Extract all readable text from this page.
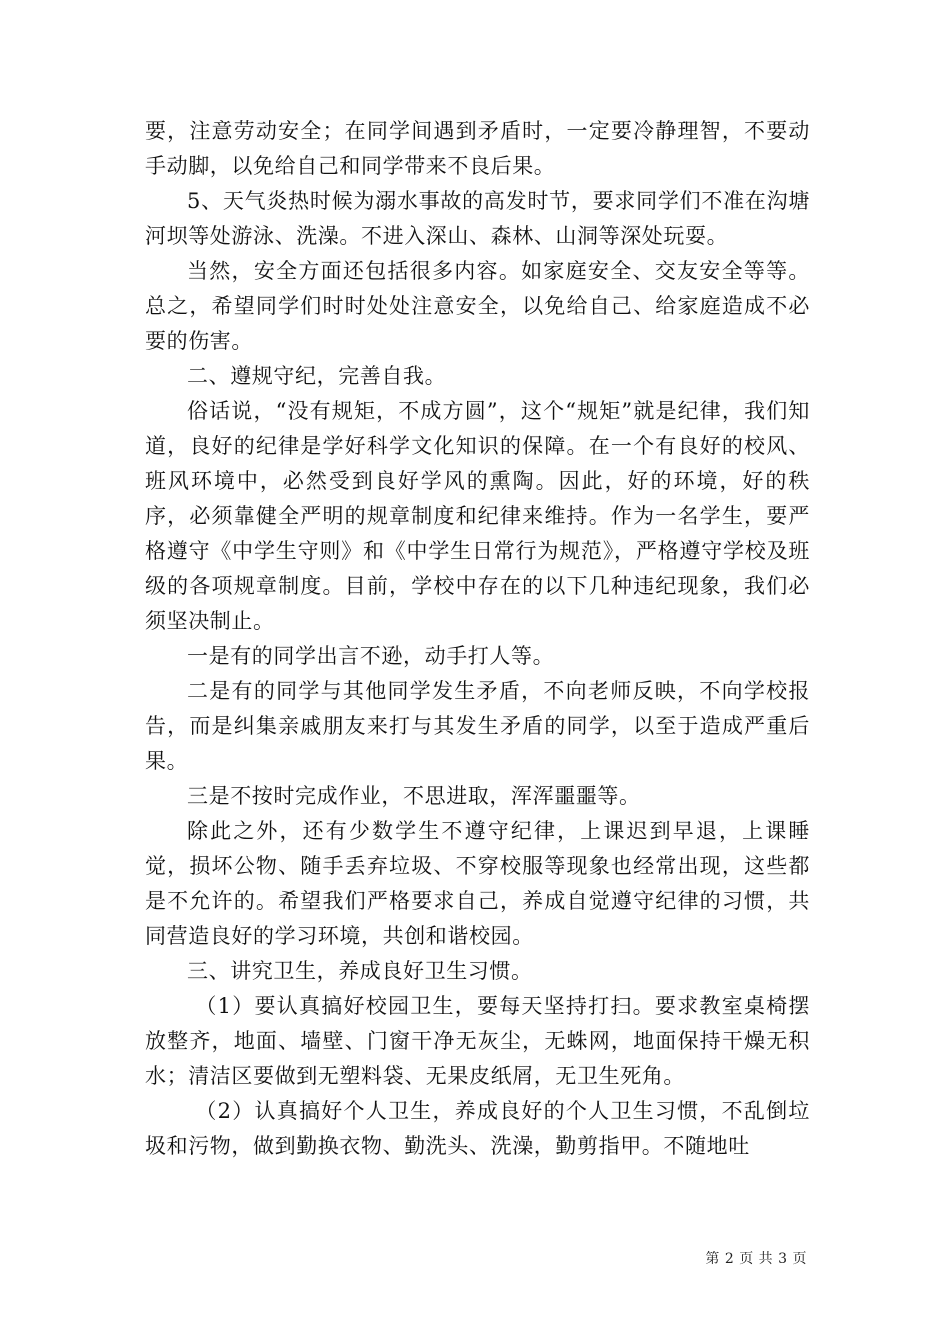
要，注意劳动安全；在同学间遇到矛盾时，一定要冷静理智，不要动手动脚，以免给自己和同学带来不良后果。

5、天气炎热时候为溺水事故的高发时节，要求同学们不准在沟塘河坝等处游泳、洗澡。不进入深山、森林、山洞等深处玩耍。

当然，安全方面还包括很多内容。如家庭安全、交友安全等等。总之，希望同学们时时处处注意安全，以免给自己、给家庭造成不必要的伤害。

二、遵规守纪，完善自我。

俗话说，“没有规矩，不成方圆”，这个“规矩”就是纪律，我们知道，良好的纪律是学好科学文化知识的保障。在一个有良好的校风、班风环境中，必然受到良好学风的熏陶。因此，好的环境，好的秩序，必须靠健全严明的规章制度和纪律来维持。作为一名学生，要严格遵守《中学生守则》和《中学生日常行为规范》，严格遵守学校及班级的各项规章制度。目前，学校中存在的以下几种违纪现象，我们必须坚决制止。

一是有的同学出言不逊，动手打人等。

二是有的同学与其他同学发生矛盾，不向老师反映，不向学校报告，而是纠集亲戚朋友来打与其发生矛盾的同学，以至于造成严重后果。

三是不按时完成作业，不思进取，浑浑噩噩等。

除此之外，还有少数学生不遵守纪律，上课迟到早退，上课睡觉，损坏公物、随手丢弃垃圾、不穿校服等现象也经常出现，这些都是不允许的。希望我们严格要求自己，养成自觉遵守纪律的习惯，共同营造良好的学习环境，共创和谐校园。

三、讲究卫生，养成良好卫生习惯。

（1）要认真搞好校园卫生，要每天坚持打扫。要求教室桌椅摆放整齐，地面、墙壁、门窗干净无灰尘，无蛛网，地面保持干燥无积水；清洁区要做到无塑料袋、无果皮纸屑，无卫生死角。

（2）认真搞好个人卫生，养成良好的个人卫生习惯，不乱倒垃圾和污物，做到勤换衣物、勤洗头、洗澡，勤剪指甲。不随地吐

第 2 页 共 3 页
